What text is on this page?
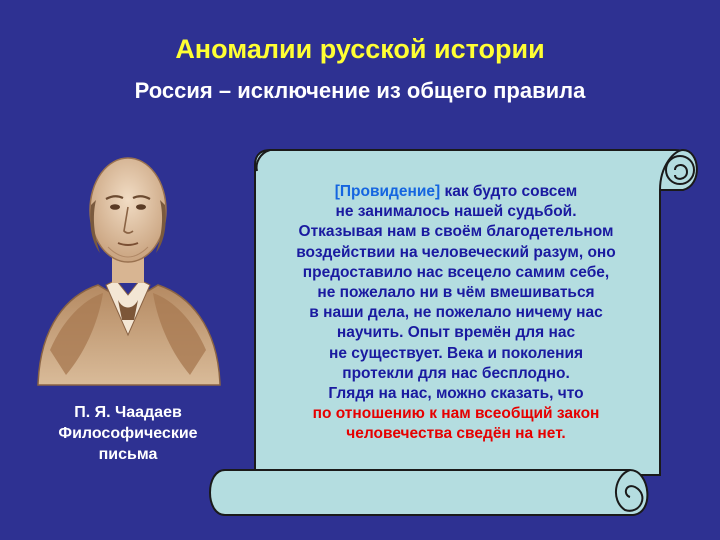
Аномалии русской истории
Россия – исключение из общего правила
П. Я. Чаадаев
Философические
письма
[Провидение] как будто совсем
не занималось нашей судьбой.
Отказывая нам в своём благодетельном
воздействии на человеческий разум, оно
предоставило нас всецело самим себе,
не пожелало ни в чём вмешиваться
в наши дела, не пожелало ничему нас
научить. Опыт времён для нас
не существует. Века и поколения
протекли для нас бесплодно.
Глядя на нас, можно сказать, что
по отношению к нам всеобщий закон
человечества сведён на нет.
